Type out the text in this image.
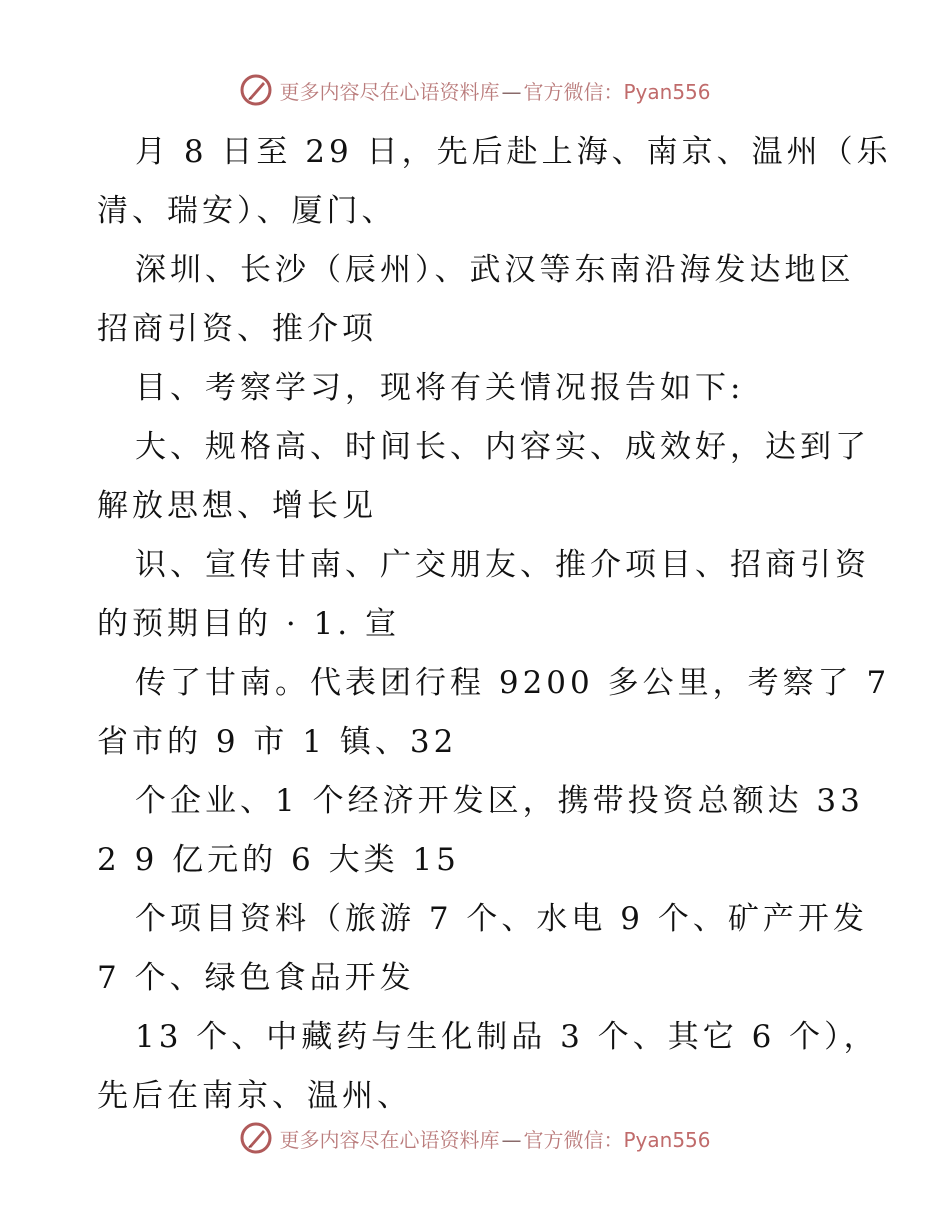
更多内容尽在心语资料库 — 官方微信：Pyan556
月 8 日至 29 日，先后赴上海、南京、温州（乐
清、瑞安）、厦门、
深圳、长沙（辰州）、武汉等东南沿海发达地区
招商引资、推介项
目、考察学习，现将有关情况报告如下:
大、规格高、时间长、内容实、成效好，达到了
解放思想、增长见
识、宣传甘南、广交朋友、推介项目、招商引资
的预期目的 · 1. 宣
传了甘南。代表团行程 9200 多公里，考察了 7
省市的 9 市 1 镇、32
个企业、1 个经济开发区，携带投资总额达 33
2 9 亿元的 6 大类 15
个项目资料（旅游 7 个、水电 9 个、矿产开发
7 个、绿色食品开发
13 个、中藏药与生化制品 3 个、其它 6 个），
先后在南京、温州、
更多内容尽在心语资料库 — 官方微信：Pyan556
